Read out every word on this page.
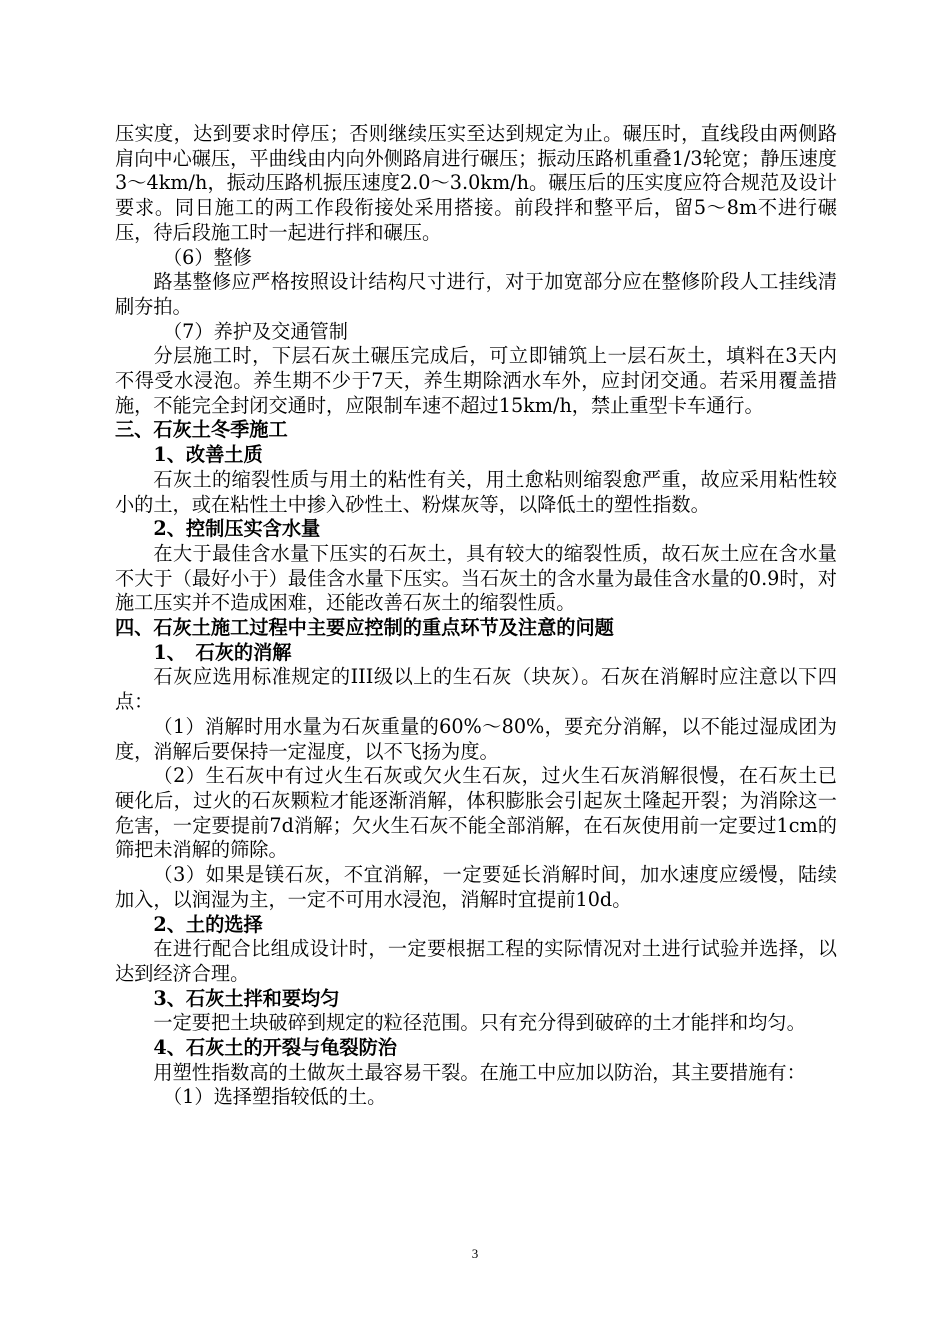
压实度，达到要求时停压；否则继续压实至达到规定为止。碾压时，直线段由两侧路肩向中心碾压，平曲线由内向外侧路肩进行碾压；振动压路机重叠1/3轮宽；静压速度3～4km/h，振动压路机振压速度2.0～3.0km/h。碾压后的压实度应符合规范及设计要求。同日施工的两工作段衔接处采用搭接。前段拌和整平后，留5～8m不进行碾压，待后段施工时一起进行拌和碾压。

（6）整修

路基整修应严格按照设计结构尺寸进行，对于加宽部分应在整修阶段人工挂线清刷夯拍。

（7）养护及交通管制

分层施工时，下层石灰土碾压完成后，可立即铺筑上一层石灰土，填料在3天内不得受水浸泡。养生期不少于7天，养生期除洒水车外，应封闭交通。若采用覆盖措施，不能完全封闭交通时，应限制车速不超过15km/h，禁止重型卡车通行。

三、石灰土冬季施工

1、改善土质

石灰土的缩裂性质与用土的粘性有关，用土愈粘则缩裂愈严重，故应采用粘性较小的土，或在粘性土中掺入砂性土、粉煤灰等，以降低土的塑性指数。

2、控制压实含水量

在大于最佳含水量下压实的石灰土，具有较大的缩裂性质，故石灰土应在含水量不大于（最好小于）最佳含水量下压实。当石灰土的含水量为最佳含水量的0.9时，对施工压实并不造成困难，还能改善石灰土的缩裂性质。

四、石灰土施工过程中主要应控制的重点环节及注意的问题

1、　石灰的消解

石灰应选用标准规定的III级以上的生石灰（块灰）。石灰在消解时应注意以下四点：

（1）消解时用水量为石灰重量的60%～80%，要充分消解，以不能过湿成团为度，消解后要保持一定湿度，以不飞扬为度。

（2）生石灰中有过火生石灰或欠火生石灰，过火生石灰消解很慢，在石灰土已硬化后，过火的石灰颗粒才能逐渐消解，体积膨胀会引起灰土隆起开裂；为消除这一危害，一定要提前7d消解；欠火生石灰不能全部消解，在石灰使用前一定要过1cm的筛把未消解的筛除。

（3）如果是镁石灰，不宜消解，一定要延长消解时间，加水速度应缓慢，陆续加入，以润湿为主，一定不可用水浸泡，消解时宜提前10d。

2、土的选择

在进行配合比组成设计时，一定要根据工程的实际情况对土进行试验并选择，以达到经济合理。

3、石灰土拌和要均匀

一定要把土块破碎到规定的粒径范围。只有充分得到破碎的土才能拌和均匀。

4、石灰土的开裂与龟裂防治

用塑性指数高的土做灰土最容易干裂。在施工中应加以防治，其主要措施有：

（1）选择塑指较低的土。

3
